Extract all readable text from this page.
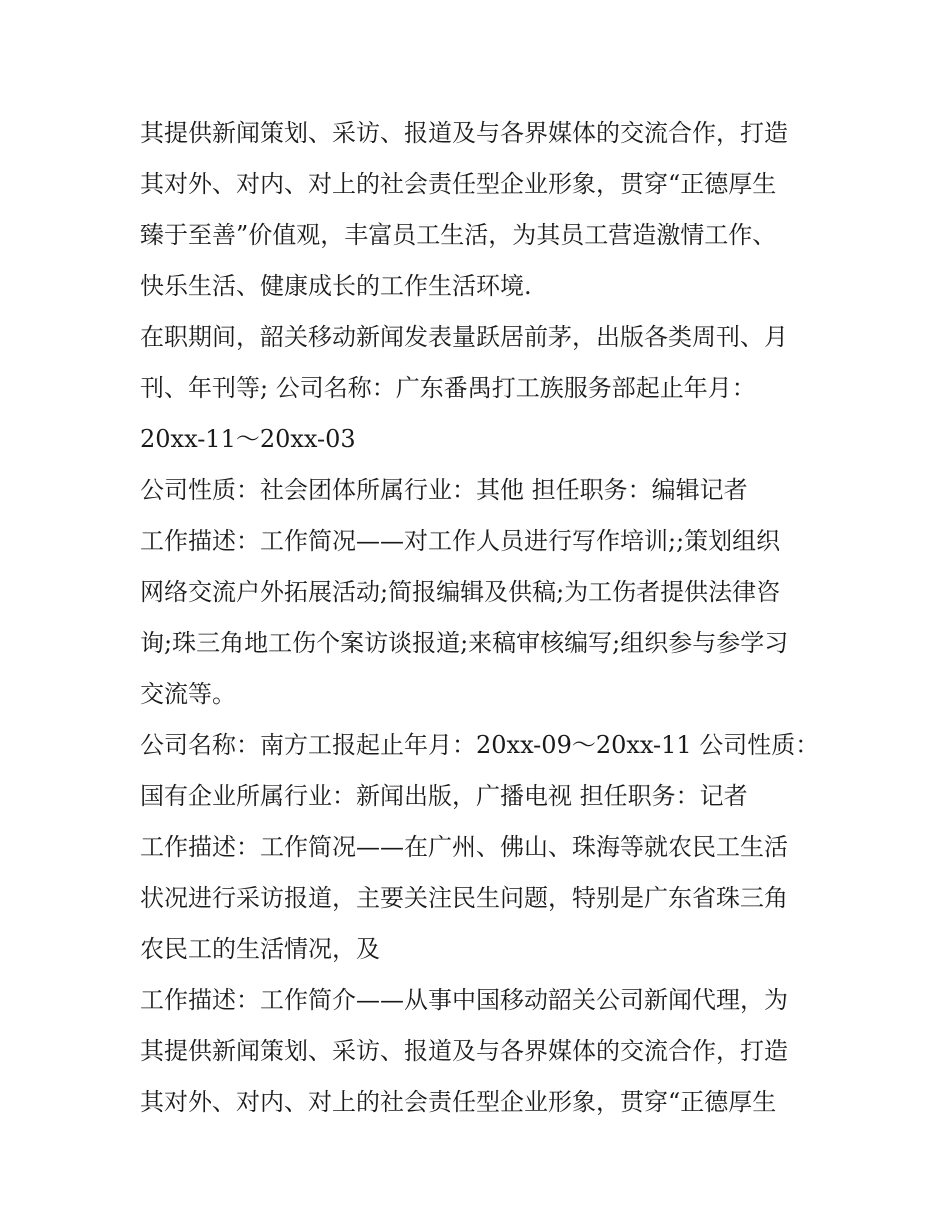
其提供新闻策划、采访、报道及与各界媒体的交流合作，打造
其对外、对内、对上的社会责任型企业形象，贯穿“正德厚生
臻于至善”价值观，丰富员工生活，为其员工营造激情工作、
快乐生活、健康成长的工作生活环境.
在职期间，韶关移动新闻发表量跃居前茅，出版各类周刊、月
刊、年刊等; 公司名称：广东番禺打工族服务部起止年月：
20xx-11～20xx-03
公司性质：社会团体所属行业：其他 担任职务：编辑记者
工作描述：工作简况——对工作人员进行写作培训;;策划组织
网络交流户外拓展活动;简报编辑及供稿;为工伤者提供法律咨
询;珠三角地工伤个案访谈报道;来稿审核编写;组织参与参学习
交流等。
公司名称：南方工报起止年月：20xx-09～20xx-11 公司性质：
国有企业所属行业：新闻出版，广播电视 担任职务：记者
工作描述：工作简况——在广州、佛山、珠海等就农民工生活
状况进行采访报道，主要关注民生问题，特别是广东省珠三角
农民工的生活情况，及
工作描述：工作简介——从事中国移动韶关公司新闻代理，为
其提供新闻策划、采访、报道及与各界媒体的交流合作，打造
其对外、对内、对上的社会责任型企业形象，贯穿“正德厚生
